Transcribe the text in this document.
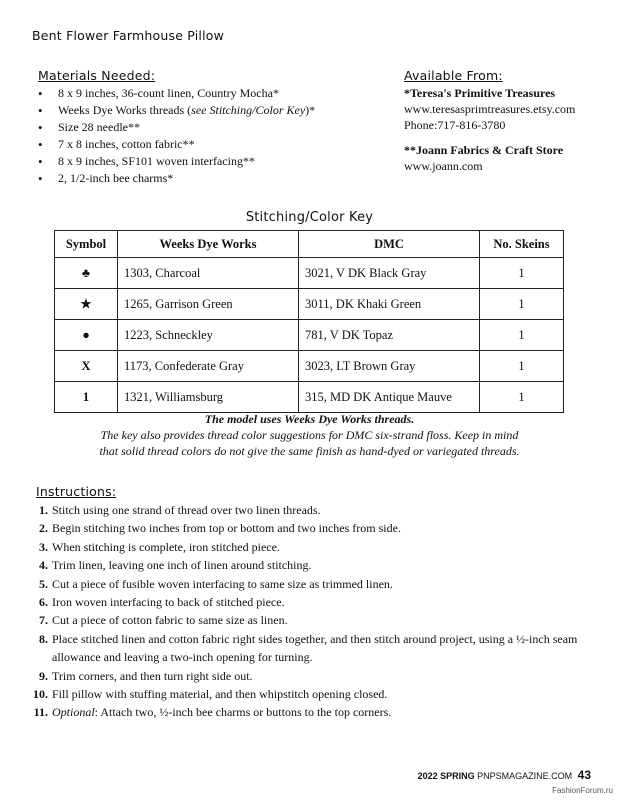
Bent Flower Farmhouse Pillow
Materials Needed:
• 8 x 9 inches, 36-count linen, Country Mocha*
• Weeks Dye Works threads (see Stitching/Color Key)*
• Size 28 needle**
• 7 x 8 inches, cotton fabric**
• 8 x 9 inches, SF101 woven interfacing**
• 2, 1/2-inch bee charms*
Available From:
*Teresa's Primitive Treasures
www.teresasprimtreasures.etsy.com
Phone:717-816-3780
**Joann Fabrics & Craft Store
www.joann.com
Stitching/Color Key
Symbol	Weeks Dye Works	DMC	No. Skeins
♣	1303, Charcoal	3021, V DK Black Gray	1
★	1265, Garrison Green	3011, DK Khaki Green	1
●	1223, Schneckley	781, V DK Topaz	1
X	1173, Confederate Gray	3023, LT Brown Gray	1
1	1321, Williamsburg	315, MD DK Antique Mauve	1
The model uses Weeks Dye Works threads.
The key also provides thread color suggestions for DMC six-strand floss. Keep in mind
that solid thread colors do not give the same finish as hand-dyed or variegated threads.
Instructions:
1. Stitch using one strand of thread over two linen threads.
2. Begin stitching two inches from top or bottom and two inches from side.
3. When stitching is complete, iron stitched piece.
4. Trim linen, leaving one inch of linen around stitching.
5. Cut a piece of fusible woven interfacing to same size as trimmed linen.
6. Iron woven interfacing to back of stitched piece.
7. Cut a piece of cotton fabric to same size as linen.
8. Place stitched linen and cotton fabric right sides together, and then stitch around project, using a ½-inch seam allowance and leaving a two-inch opening for turning.
9. Trim corners, and then turn right side out.
10. Fill pillow with stuffing material, and then whipstitch opening closed.
11. Optional: Attach two, ½-inch bee charms or buttons to the top corners.
2022 SPRING PNPSMAGAZINE.COM 43
FashionForum.ru
